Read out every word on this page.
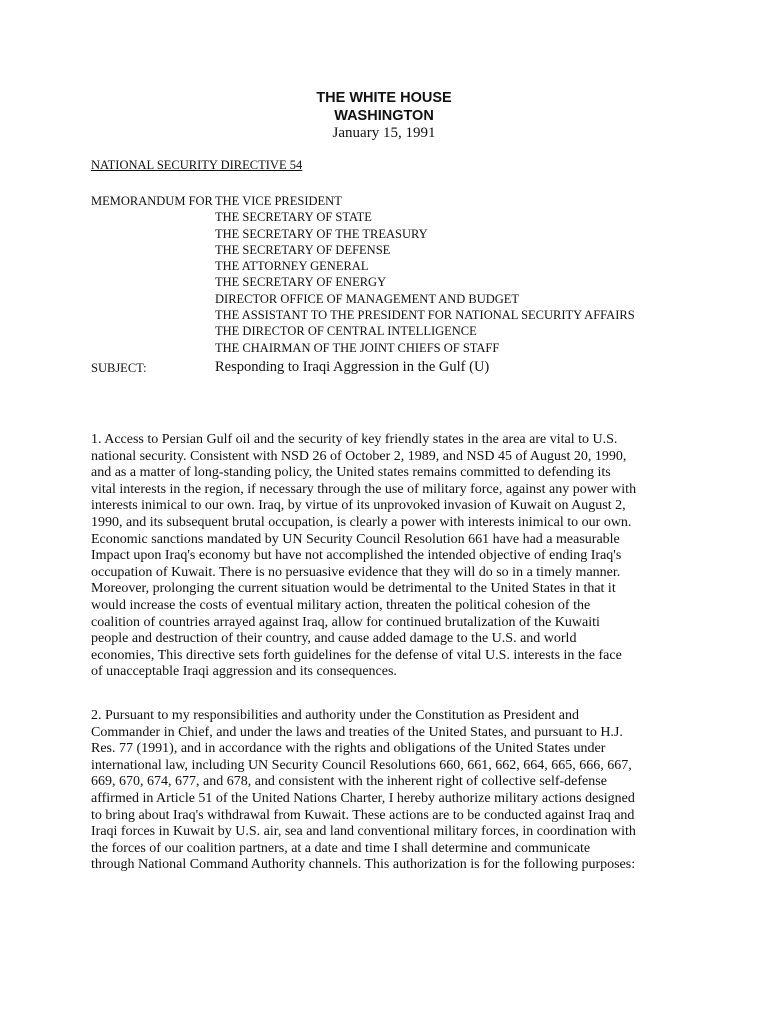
THE WHITE HOUSE
WASHINGTON
January 15, 1991
NATIONAL SECURITY DIRECTIVE 54
MEMORANDUM FOR THE VICE PRESIDENT
THE SECRETARY OF STATE
THE SECRETARY OF THE TREASURY
THE SECRETARY OF DEFENSE
THE ATTORNEY GENERAL
THE SECRETARY OF ENERGY
DIRECTOR OFFICE OF MANAGEMENT AND BUDGET
THE ASSISTANT TO THE PRESIDENT FOR NATIONAL SECURITY AFFAIRS
THE DIRECTOR OF CENTRAL INTELLIGENCE
THE CHAIRMAN OF THE JOINT CHIEFS OF STAFF
SUBJECT:	Responding to Iraqi Aggression in the Gulf (U)
1. Access to Persian Gulf oil and the security of key friendly states in the area are vital to U.S.
national security. Consistent with NSD 26 of October 2, 1989, and NSD 45 of August 20, 1990,
and as a matter of long-standing policy, the United states remains committed to defending its
vital interests in the region, if necessary through the use of military force, against any power with
interests inimical to our own. Iraq, by virtue of its unprovoked invasion of Kuwait on August 2,
1990, and its subsequent brutal occupation, is clearly a power with interests inimical to our own.
Economic sanctions mandated by UN Security Council Resolution 661 have had a measurable
Impact upon Iraq's economy but have not accomplished the intended objective of ending Iraq's
occupation of Kuwait. There is no persuasive evidence that they will do so in a timely manner.
Moreover, prolonging the current situation would be detrimental to the United States in that it
would increase the costs of eventual military action, threaten the political cohesion of the
coalition of countries arrayed against Iraq, allow for continued brutalization of the Kuwaiti
people and destruction of their country, and cause added damage to the U.S. and world
economies, This directive sets forth guidelines for the defense of vital U.S. interests in the face
of unacceptable Iraqi aggression and its consequences.
2. Pursuant to my responsibilities and authority under the Constitution as President and
Commander in Chief, and under the laws and treaties of the United States, and pursuant to H.J.
Res. 77 (1991), and in accordance with the rights and obligations of the United States under
international law, including UN Security Council Resolutions 660, 661, 662, 664, 665, 666, 667,
669, 670, 674, 677, and 678, and consistent with the inherent right of collective self-defense
affirmed in Article 51 of the United Nations Charter, I hereby authorize military actions designed
to bring about Iraq's withdrawal from Kuwait. These actions are to be conducted against Iraq and
Iraqi forces in Kuwait by U.S. air, sea and land conventional military forces, in coordination with
the forces of our coalition partners, at a date and time I shall determine and communicate
through National Command Authority channels. This authorization is for the following purposes:
